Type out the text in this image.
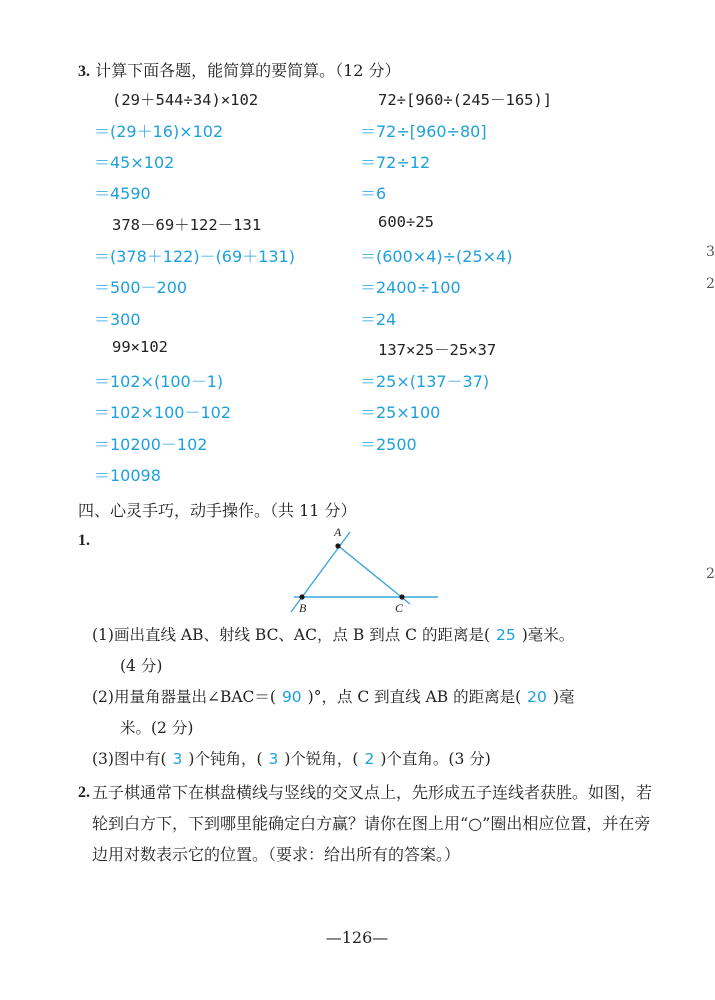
3. 计算下面各题，能简算的要简算。（12 分）
(29＋544÷34)×102
＝(29＋16)×102
＝45×102
＝4590
378－69＋122－131
＝(378＋122)－(69＋131)
＝500－200
＝300
99×102
＝102×(100－1)
＝102×100－102
＝10200－102
＝10098
72÷[960÷(245－165)]
＝72÷[960÷80]
＝72÷12
＝6
600÷25
＝(600×4)÷(25×4)
＝2400÷100
＝24
137×25－25×37
＝25×(137－37)
＝25×100
＝2500
四、心灵手巧，动手操作。（共 11 分）
1.	A
B	C
(1)画出直线 AB、射线 BC、AC，点 B 到点 C 的距离是( 25 )毫米。
(4 分)
(2)用量角器量出∠BAC＝( 90 )°，点 C 到直线 AB 的距离是( 20 )毫
米。(2 分)
(3)图中有( 3 )个钝角，( 3 )个锐角，( 2 )个直角。(3 分)
2. 五子棋通常下在棋盘横线与竖线的交叉点上，先形成五子连线者获胜。如图，若轮到白方下，下到哪里能确定白方赢？请你在图上用“○”圈出相应位置，并在旁边用对数表示它的位置。（要求：给出所有的答案。）
—126—
3
2
2
